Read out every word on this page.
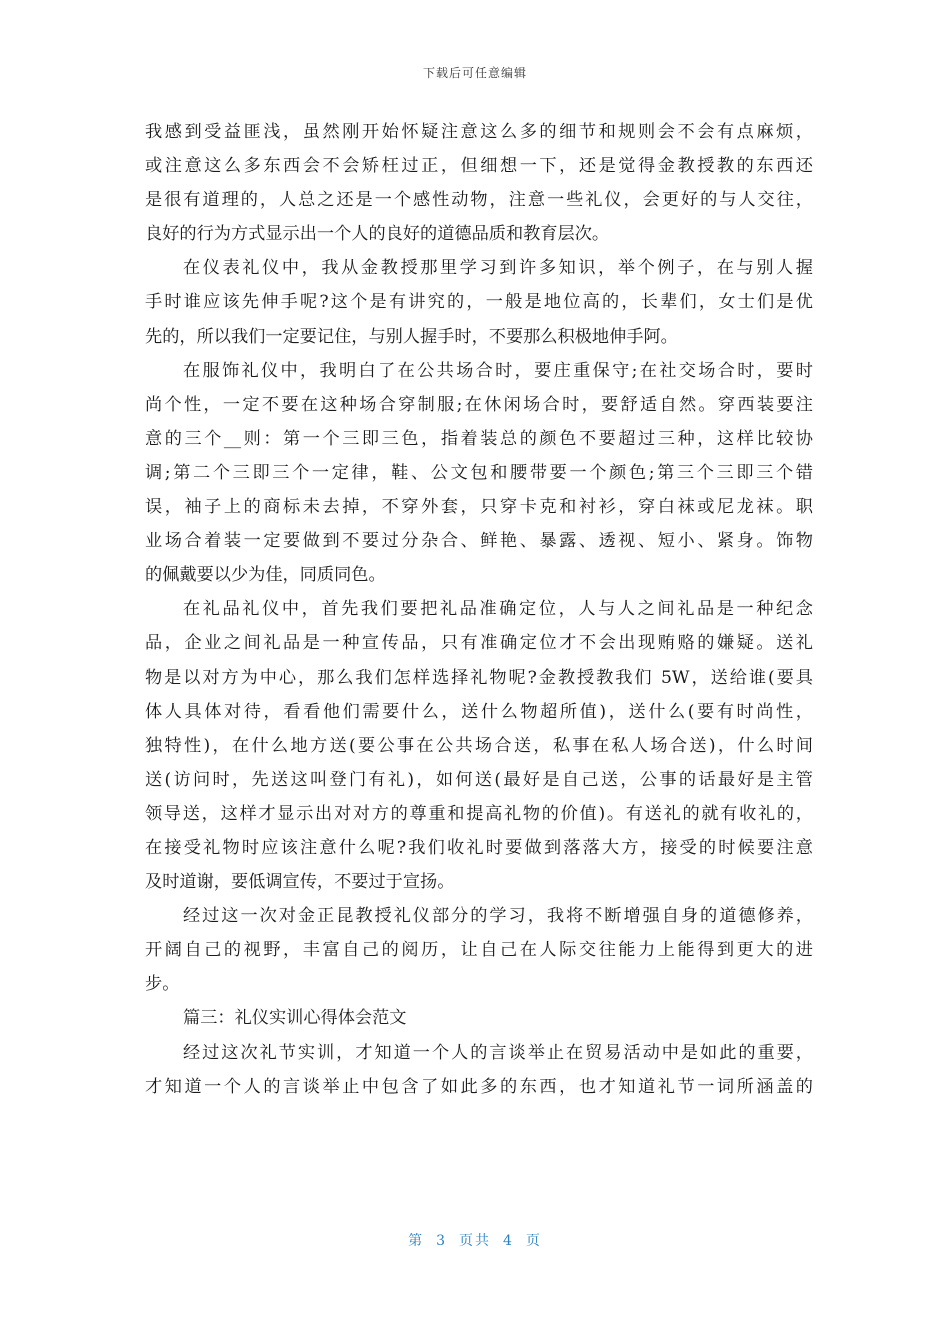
下载后可任意编辑
我感到受益匪浅，虽然刚开始怀疑注意这么多的细节和规则会不会有点麻烦，
或注意这么多东西会不会矫枉过正，但细想一下，还是觉得金教授教的东西还
是很有道理的，人总之还是一个感性动物，注意一些礼仪，会更好的与人交往，
良好的行为方式显示出一个人的良好的道德品质和教育层次。
在仪表礼仪中，我从金教授那里学习到许多知识，举个例子，在与别人握
手时谁应该先伸手呢?这个是有讲究的，一般是地位高的，长辈们，女士们是优
先的，所以我们一定要记住，与别人握手时，不要那么积极地伸手阿。
在服饰礼仪中，我明白了在公共场合时，要庄重保守;在社交场合时，要时
尚个性，一定不要在这种场合穿制服;在休闲场合时，要舒适自然。穿西装要注
意的三个__则：第一个三即三色，指着装总的颜色不要超过三种，这样比较协
调;第二个三即三个一定律，鞋、公文包和腰带要一个颜色;第三个三即三个错
误，袖子上的商标未去掉，不穿外套，只穿卡克和衬衫，穿白袜或尼龙袜。职
业场合着装一定要做到不要过分杂合、鲜艳、暴露、透视、短小、紧身。饰物
的佩戴要以少为佳，同质同色。
在礼品礼仪中，首先我们要把礼品准确定位，人与人之间礼品是一种纪念
品，企业之间礼品是一种宣传品，只有准确定位才不会出现贿赂的嫌疑。送礼
物是以对方为中心，那么我们怎样选择礼物呢?金教授教我们 5W，送给谁(要具
体人具体对待，看看他们需要什么，送什么物超所值)，送什么(要有时尚性，
独特性)，在什么地方送(要公事在公共场合送，私事在私人场合送)，什么时间
送(访问时，先送这叫登门有礼)，如何送(最好是自己送，公事的话最好是主管
领导送，这样才显示出对对方的尊重和提高礼物的价值)。有送礼的就有收礼的，
在接受礼物时应该注意什么呢?我们收礼时要做到落落大方，接受的时候要注意
及时道谢，要低调宣传，不要过于宣扬。
经过这一次对金正昆教授礼仪部分的学习，我将不断增强自身的道德修养，
开阔自己的视野，丰富自己的阅历，让自己在人际交往能力上能得到更大的进
步。
篇三：礼仪实训心得体会范文
经过这次礼节实训，才知道一个人的言谈举止在贸易活动中是如此的重要，
才知道一个人的言谈举止中包含了如此多的东西，也才知道礼节一词所涵盖的
第 3 页共 4 页
